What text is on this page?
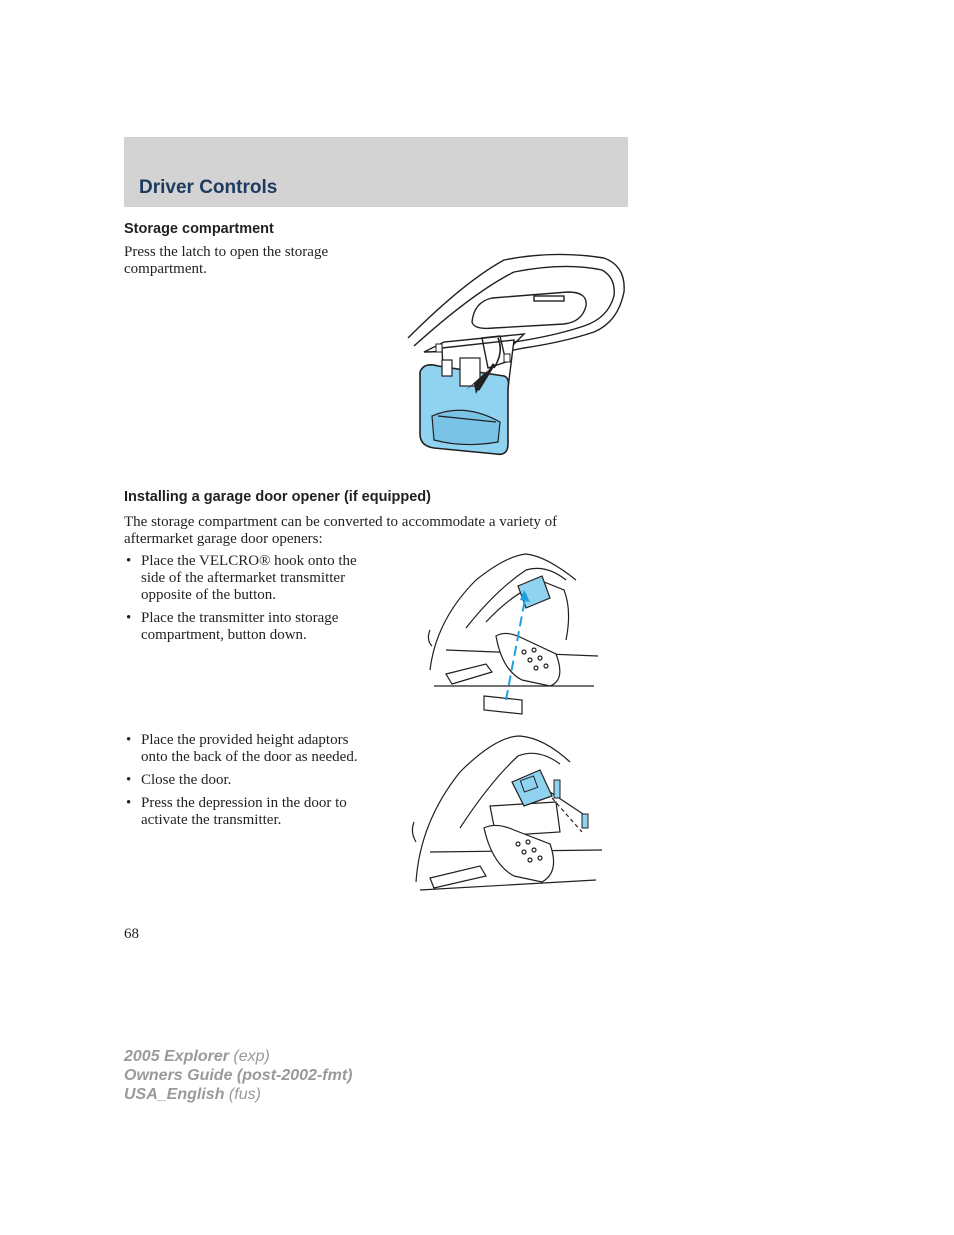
Driver Controls
Storage compartment
Press the latch to open the storage
compartment.
Installing a garage door opener (if equipped)
The storage compartment can be converted to accommodate a variety of
aftermarket garage door openers:
• Place the VELCRO® hook onto the side of the aftermarket transmitter opposite of the button.
• Place the transmitter into storage compartment, button down.
• Place the provided height adaptors onto the back of the door as needed.
• Close the door.
• Press the depression in the door to activate the transmitter.
68
2005 Explorer (exp)
Owners Guide (post-2002-fmt)
USA_English (fus)
